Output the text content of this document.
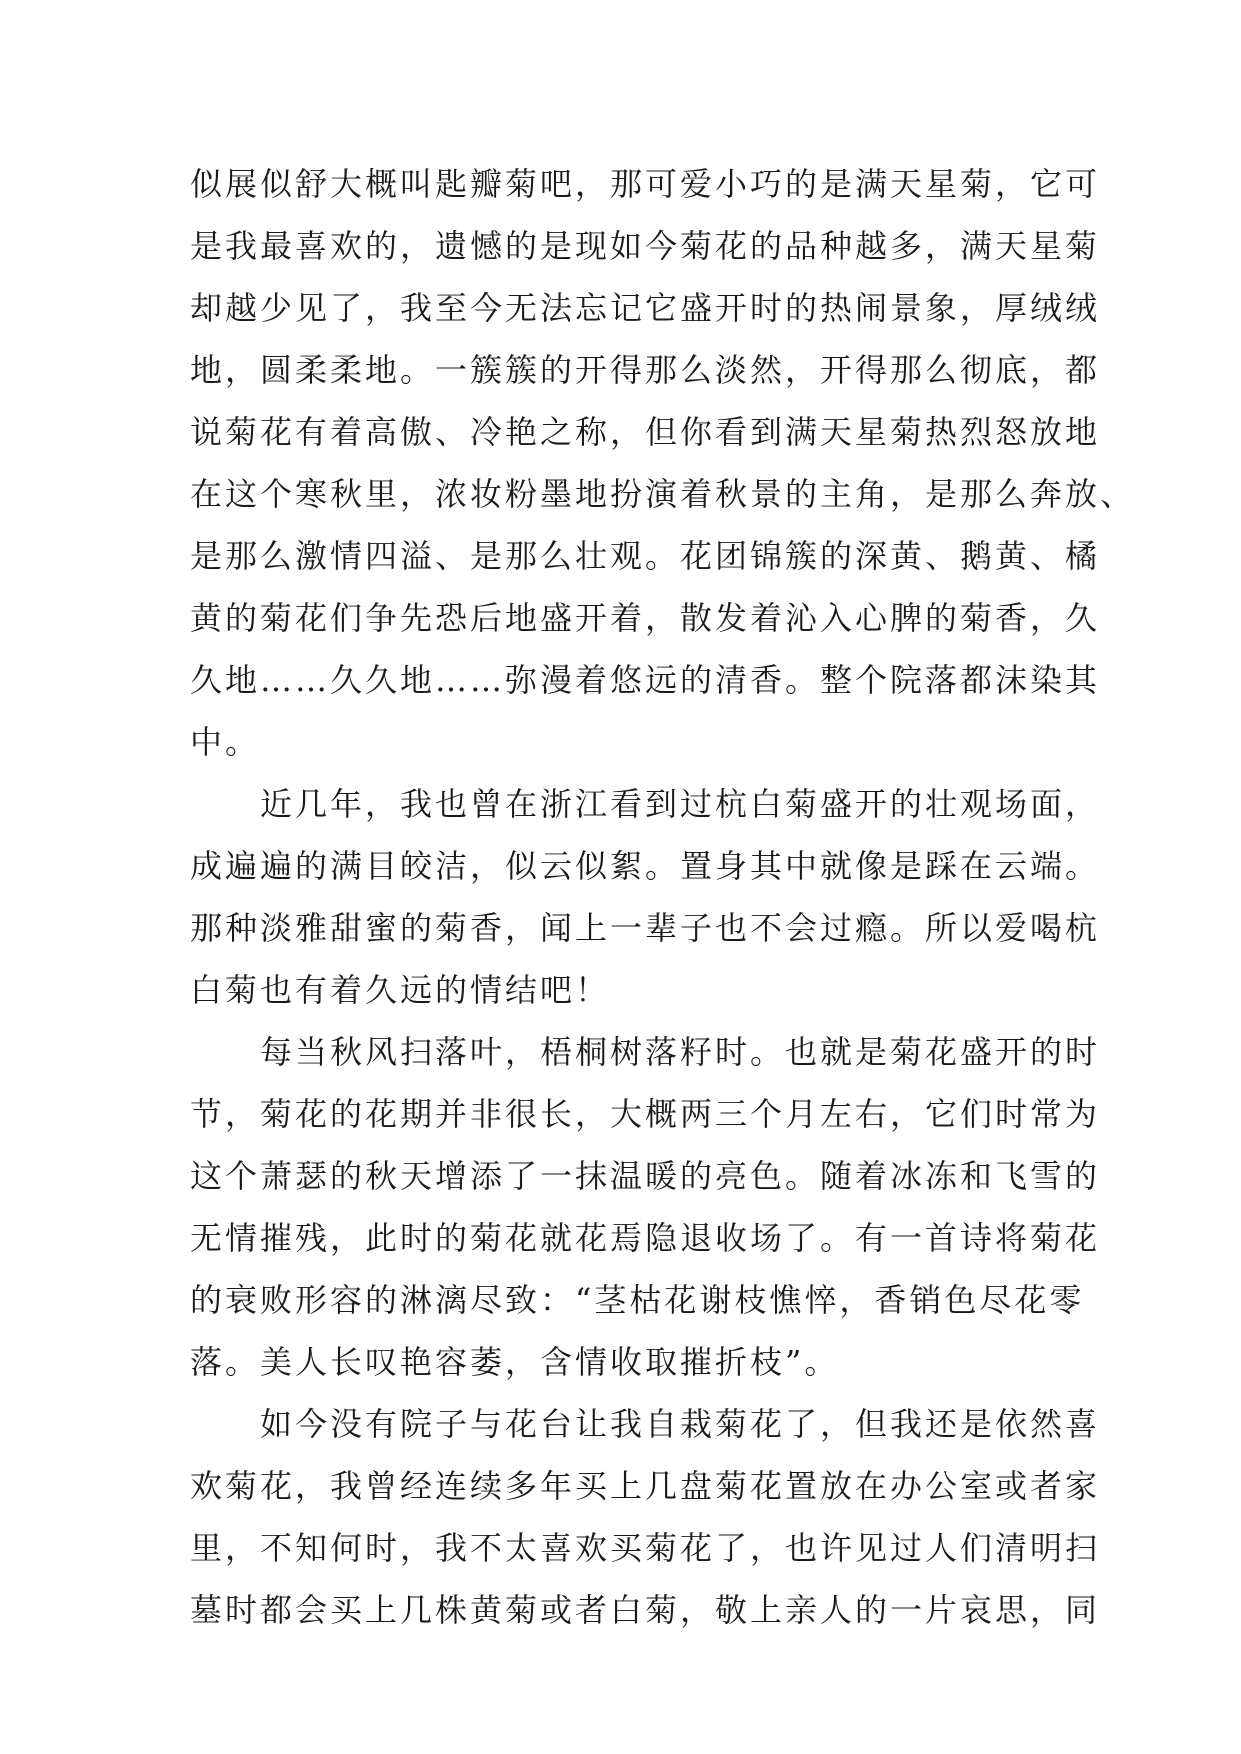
似展似舒大概叫匙瓣菊吧，那可爱小巧的是满天星菊，它可
是我最喜欢的，遗憾的是现如今菊花的品种越多，满天星菊
却越少见了，我至今无法忘记它盛开时的热闹景象，厚绒绒
地，圆柔柔地。一簇簇的开得那么淡然，开得那么彻底，都
说菊花有着高傲、冷艳之称，但你看到满天星菊热烈怒放地
在这个寒秋里，浓妆粉墨地扮演着秋景的主角，是那么奔放、
是那么激情四溢、是那么壮观。花团锦簇的深黄、鹅黄、橘
黄的菊花们争先恐后地盛开着，散发着沁入心脾的菊香，久
久地……久久地……弥漫着悠远的清香。整个院落都沫染其
中。
近几年，我也曾在浙江看到过杭白菊盛开的壮观场面，
成遍遍的满目皎洁，似云似絮。置身其中就像是踩在云端。
那种淡雅甜蜜的菊香，闻上一辈子也不会过瘾。所以爱喝杭
白菊也有着久远的情结吧！
每当秋风扫落叶，梧桐树落籽时。也就是菊花盛开的时
节，菊花的花期并非很长，大概两三个月左右，它们时常为
这个萧瑟的秋天增添了一抹温暖的亮色。随着冰冻和飞雪的
无情摧残，此时的菊花就花焉隐退收场了。有一首诗将菊花
的衰败形容的淋漓尽致：“茎枯花谢枝憔悴，香销色尽花零
落。美人长叹艳容萎，含情收取摧折枝”。
如今没有院子与花台让我自栽菊花了，但我还是依然喜
欢菊花，我曾经连续多年买上几盘菊花置放在办公室或者家
里，不知何时，我不太喜欢买菊花了，也许见过人们清明扫
墓时都会买上几株黄菊或者白菊，敬上亲人的一片哀思，同
